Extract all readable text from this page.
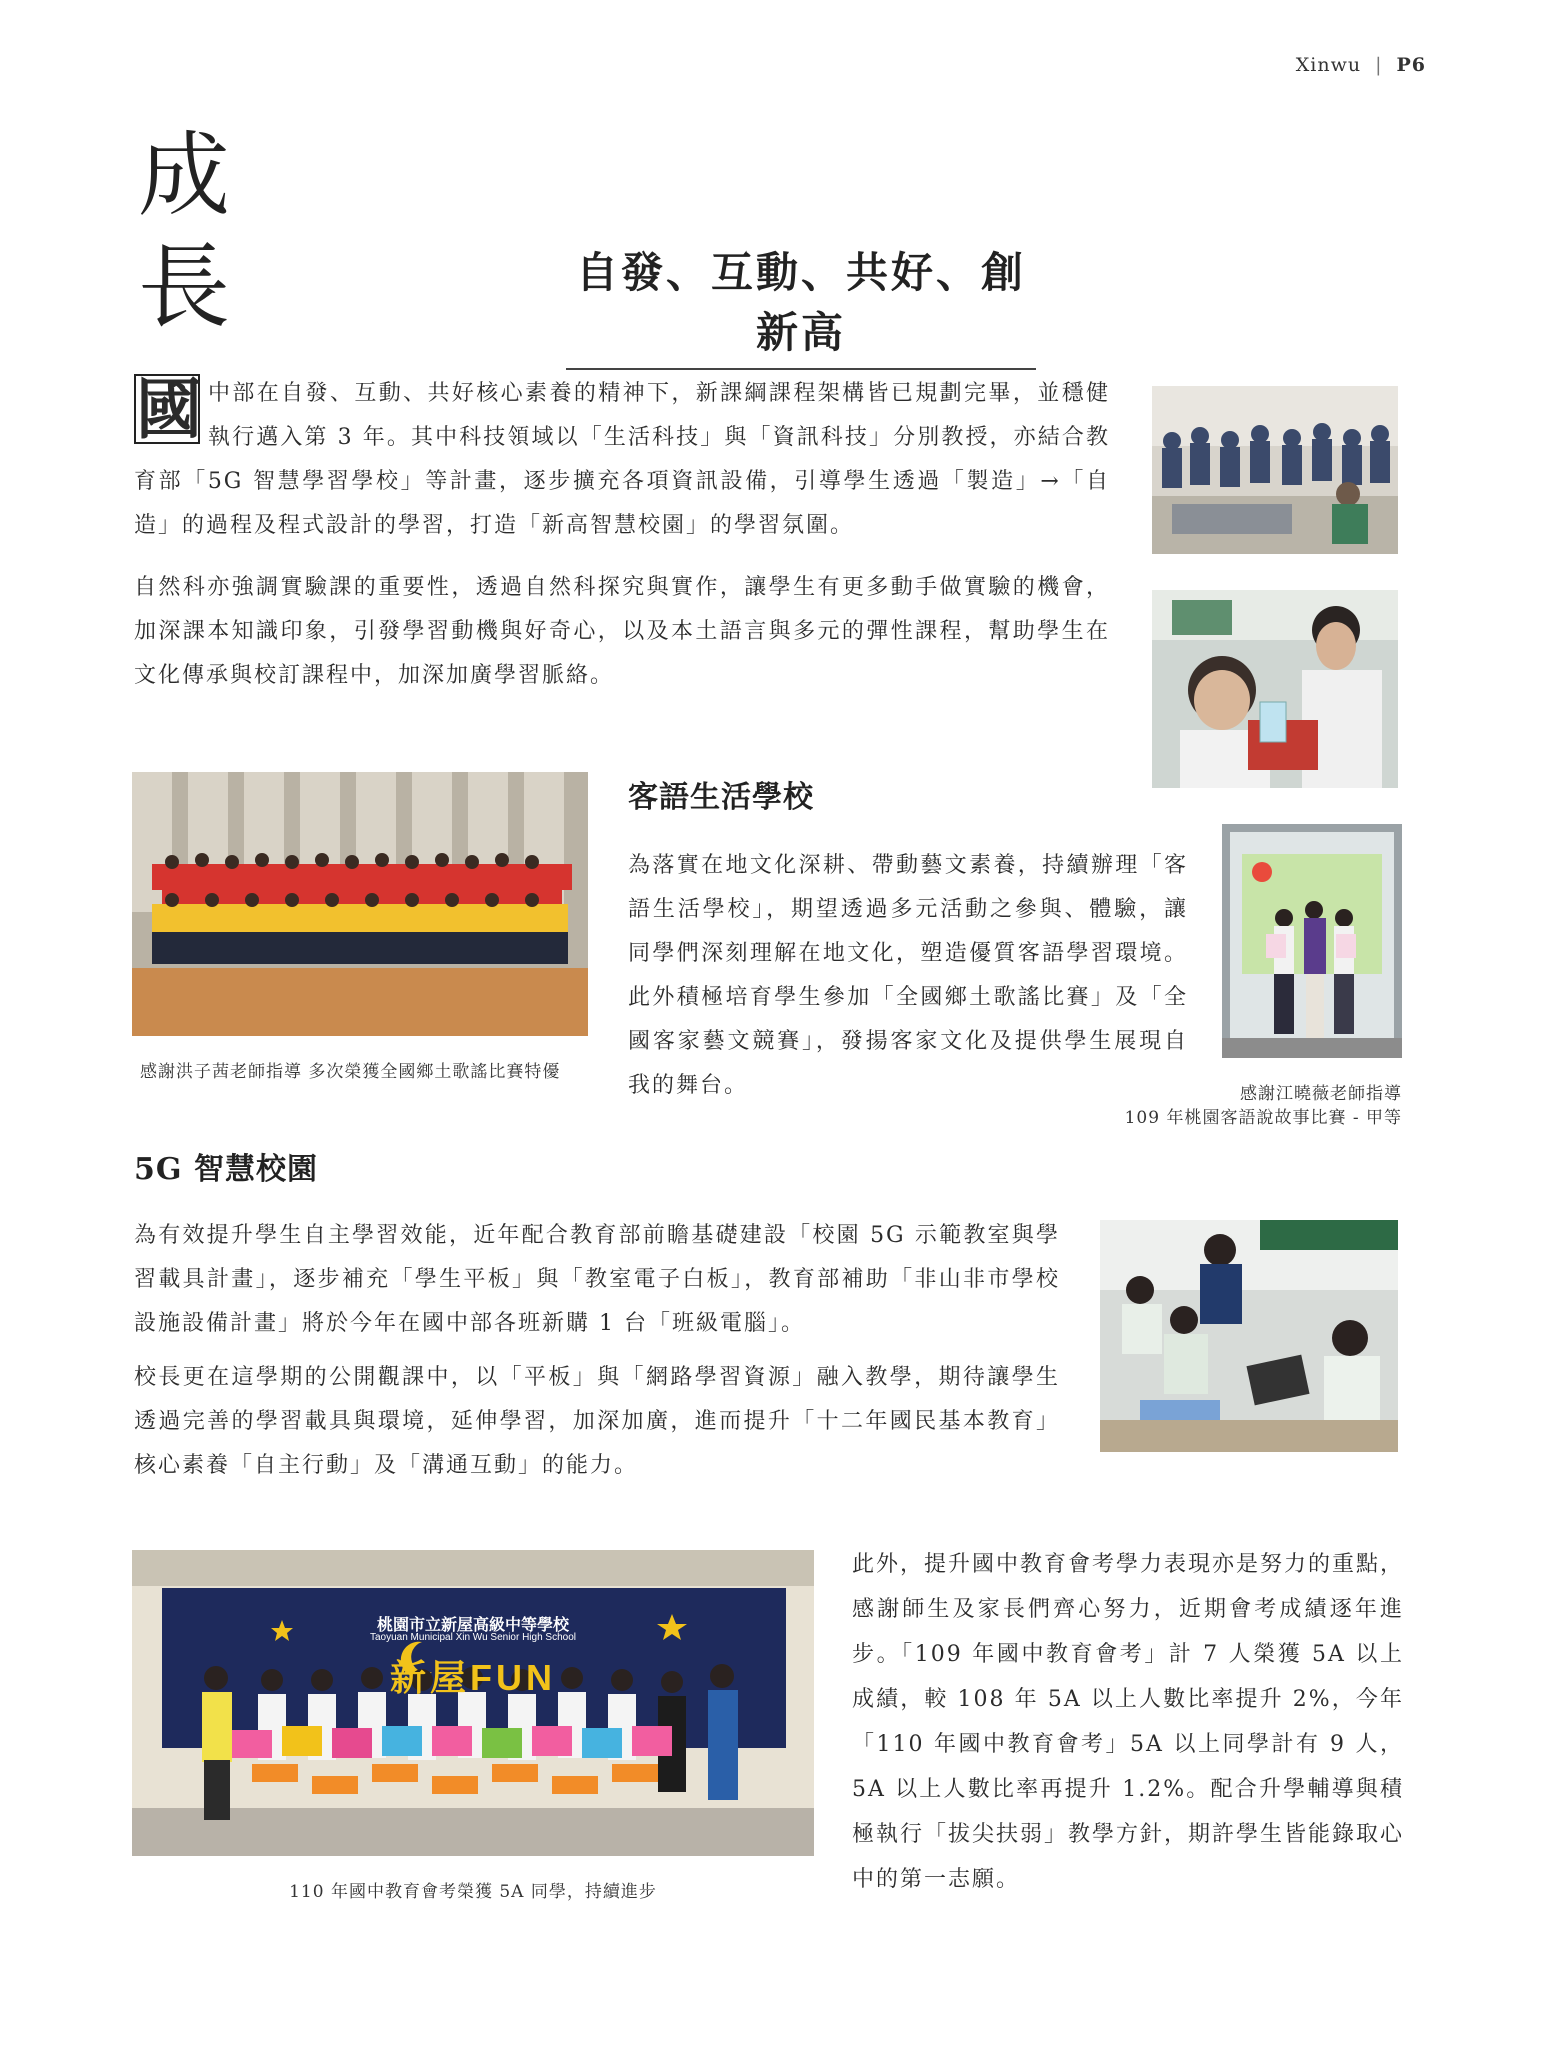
Xinwu | P6
成
長	自發、互動、共好、創新高
國 中部在自發、互動、共好核心素養的精神下，新課綱課程架構皆已規劃完畢，並穩健執行邁入第 3 年。其中科技領域以「生活科技」與「資訊科技」分別教授，亦結合教育部「5G 智慧學習學校」等計畫，逐步擴充各項資訊設備，引導學生透過「製造」→「自造」的過程及程式設計的學習，打造「新高智慧校園」的學習氛圍。
自然科亦強調實驗課的重要性，透過自然科探究與實作，讓學生有更多動手做實驗的機會，加深課本知識印象，引發學習動機與好奇心，以及本土語言與多元的彈性課程，幫助學生在文化傳承與校訂課程中，加深加廣學習脈絡。
感謝洪子茜老師指導 多次榮獲全國鄉土歌謠比賽特優
客語生活學校
為落實在地文化深耕、帶動藝文素養，持續辦理「客語生活學校」，期望透過多元活動之參與、體驗，讓同學們深刻理解在地文化，塑造優質客語學習環境。此外積極培育學生參加「全國鄉土歌謠比賽」及「全國客家藝文競賽」，發揚客家文化及提供學生展現自我的舞台。	感謝江曉薇老師指導
109 年桃園客語說故事比賽 - 甲等
5G 智慧校園
為有效提升學生自主學習效能，近年配合教育部前瞻基礎建設「校園 5G 示範教室與學習載具計畫」，逐步補充「學生平板」與「教室電子白板」，教育部補助「非山非市學校設施設備計畫」將於今年在國中部各班新購 1 台「班級電腦」。
校長更在這學期的公開觀課中，以「平板」與「網路學習資源」融入教學，期待讓學生透過完善的學習載具與環境，延伸學習，加深加廣，進而提升「十二年國民基本教育」核心素養「自主行動」及「溝通互動」的能力。
桃園市立新屋高級中等學校
Taoyuan Municipal Xin Wu Senior High School
新屋FUN
110 年國中教育會考榮獲 5A 同學，持續進步
此外，提升國中教育會考學力表現亦是努力的重點，感謝師生及家長們齊心努力，近期會考成績逐年進步。「109 年國中教育會考」計 7 人榮獲 5A 以上成績，較 108 年 5A 以上人數比率提升 2%，今年「110 年國中教育會考」5A 以上同學計有 9 人，5A 以上人數比率再提升 1.2%。配合升學輔導與積極執行「拔尖扶弱」教學方針，期許學生皆能錄取心中的第一志願。
